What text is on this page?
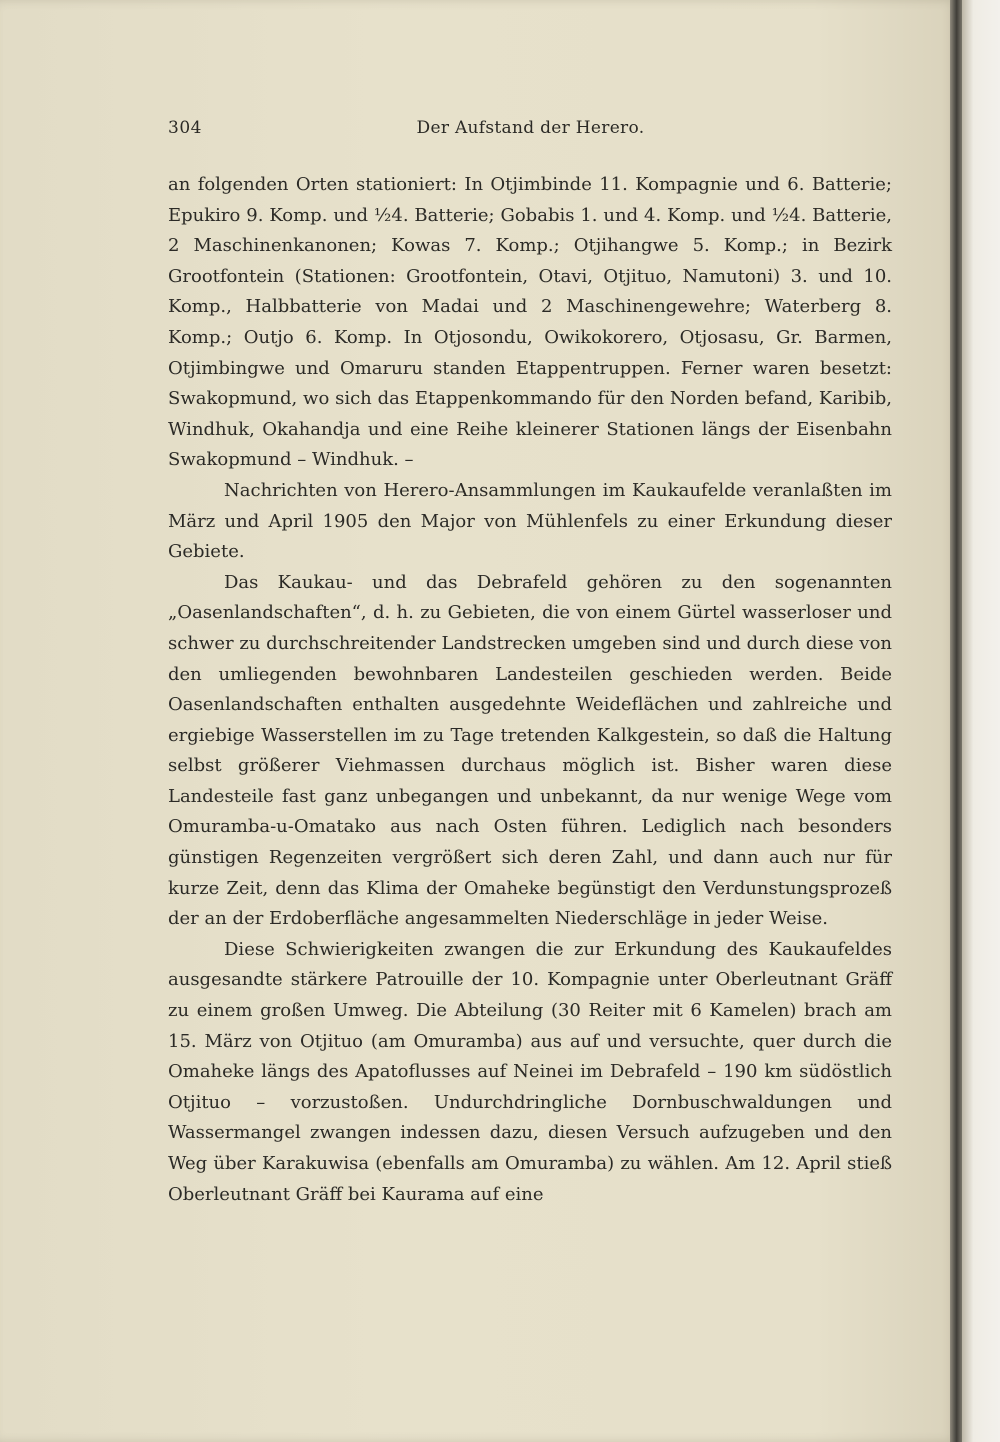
304	Der Aufstand der Herero.

an folgenden Orten stationiert: In Otjimbinde 11. Kompagnie und 6. Batterie; Epukiro 9. Komp. und ½4. Batterie; Gobabis 1. und 4. Komp. und ½4. Batterie, 2 Maschinenkanonen; Kowas 7. Komp.; Otjihangwe 5. Komp.; in Bezirk Grootfontein (Stationen: Grootfontein, Otavi, Otjituo, Namutoni) 3. und 10. Komp., Halbbatterie von Madai und 2 Maschinengewehre; Waterberg 8. Komp.; Outjo 6. Komp. In Otjosondu, Owikokorero, Otjosasu, Gr. Barmen, Otjimbingwe und Omaruru standen Etappentruppen. Ferner waren besetzt: Swakopmund, wo sich das Etappenkommando für den Norden befand, Karibib, Windhuk, Okahandja und eine Reihe kleinerer Stationen längs der Eisenbahn Swakopmund – Windhuk. –

Nachrichten von Herero-Ansammlungen im Kaukaufelde veranlaßten im März und April 1905 den Major von Mühlenfels zu einer Erkundung dieser Gebiete.

Das Kaukau- und das Debrafeld gehören zu den sogenannten „Oasenlandschaften“, d. h. zu Gebieten, die von einem Gürtel wasserloser und schwer zu durchschreitender Landstrecken umgeben sind und durch diese von den umliegenden bewohnbaren Landesteilen geschieden werden. Beide Oasenlandschaften enthalten ausgedehnte Weideflächen und zahlreiche und ergiebige Wasserstellen im zu Tage tretenden Kalkgestein, so daß die Haltung selbst größerer Viehmassen durchaus möglich ist. Bisher waren diese Landesteile fast ganz unbegangen und unbekannt, da nur wenige Wege vom Omuramba-u-Omatako aus nach Osten führen. Lediglich nach besonders günstigen Regenzeiten vergrößert sich deren Zahl, und dann auch nur für kurze Zeit, denn das Klima der Omaheke begünstigt den Verdunstungsprozeß der an der Erdoberfläche angesammelten Niederschläge in jeder Weise.

Diese Schwierigkeiten zwangen die zur Erkundung des Kaukaufeldes ausgesandte stärkere Patrouille der 10. Kompagnie unter Oberleutnant Gräff zu einem großen Umweg. Die Abteilung (30 Reiter mit 6 Kamelen) brach am 15. März von Otjituo (am Omuramba) aus auf und versuchte, quer durch die Omaheke längs des Apatoflusses auf Neinei im Debrafeld – 190 km südöstlich Otjituo – vorzustoßen. Undurchdringliche Dornbuschwaldungen und Wassermangel zwangen indessen dazu, diesen Versuch aufzugeben und den Weg über Karakuwisa (ebenfalls am Omuramba) zu wählen. Am 12. April stieß Oberleutnant Gräff bei Kaurama auf eine
